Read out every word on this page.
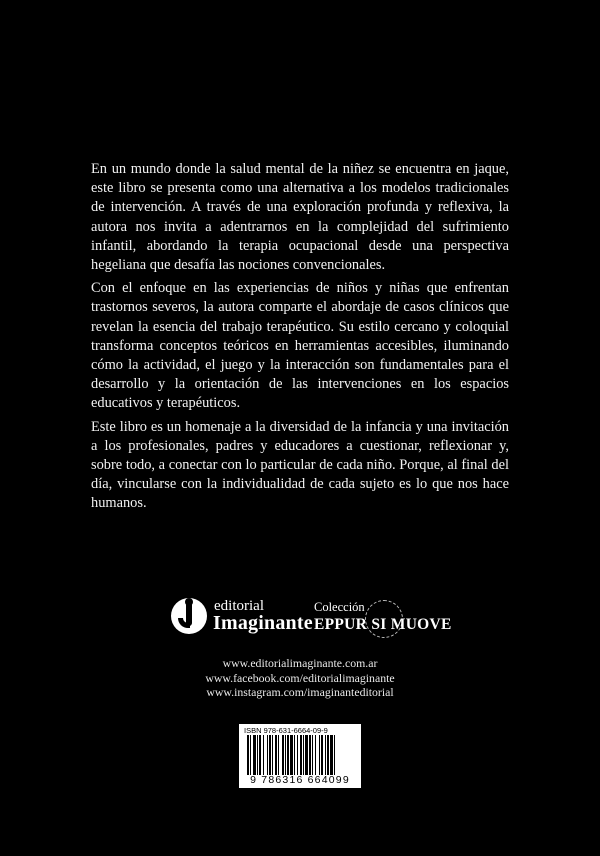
En un mundo donde la salud mental de la niñez se encuentra en jaque, este libro se presenta como una alternativa a los modelos tradicionales de intervención. A través de una exploración profunda y reflexiva, la autora nos invita a adentrarnos en la complejidad del sufrimiento infantil, abordando la terapia ocupacional desde una perspectiva hegeliana que desafía las nociones convencionales.

Con el enfoque en las experiencias de niños y niñas que enfrentan trastornos severos, la autora comparte el abordaje de casos clínicos que revelan la esencia del trabajo terapéutico. Su estilo cercano y coloquial transforma conceptos teóricos en herramientas accesibles, iluminando cómo la actividad, el juego y la interacción son fundamentales para el desarrollo y la orientación de las intervenciones en los espacios educativos y terapéuticos.

Este libro es un homenaje a la diversidad de la infancia y una invitación a los profesionales, padres y educadores a cuestionar, reflexionar y, sobre todo, a conectar con lo particular de cada niño. Porque, al final del día, vincularse con la individualidad de cada sujeto es lo que nos hace humanos.

editorial
Imaginante
Colección
EPPUR SI MUOVE
www.editorialimaginante.com.ar
www.facebook.com/editorialimaginante
www.instagram.com/imaginanteditorial
ISBN 978-631-6664-09-9
9 786316 664099
